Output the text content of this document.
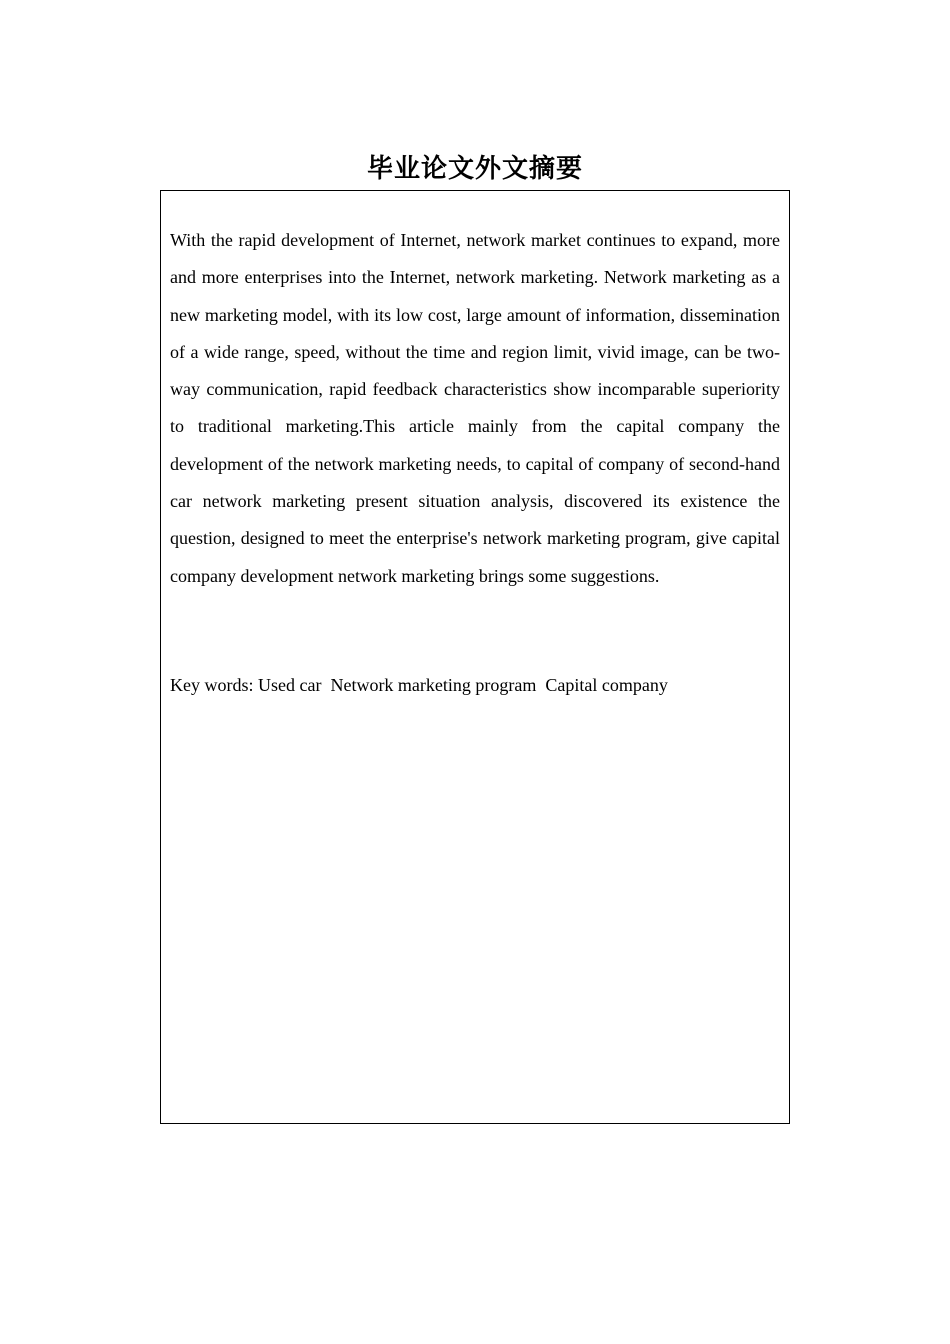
毕业论文外文摘要

With the rapid development of Internet, network market continues to expand, more and more enterprises into the Internet, network marketing. Network marketing as a new marketing model, with its low cost, large amount of information, dissemination of a wide range, speed, without the time and region limit, vivid image, can be two-way communication, rapid feedback characteristics show incomparable superiority to traditional marketing.This article mainly from the capital company the development of the network marketing needs, to capital of company of second-hand car network marketing present situation analysis, discovered its existence the question, designed to meet the enterprise's network marketing program, give capital company development network marketing brings some suggestions.

Key words: Used car  Network marketing program  Capital company
